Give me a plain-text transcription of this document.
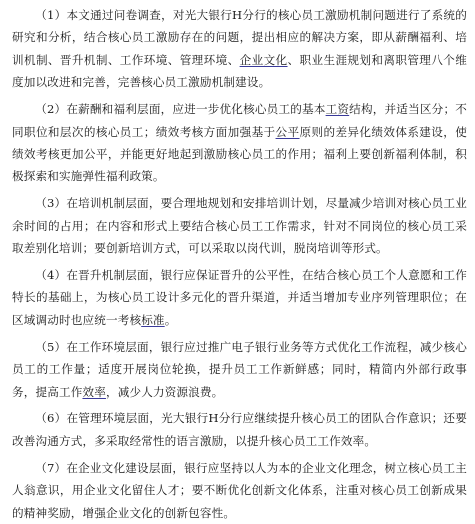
（1）本文通过问卷调查，对光大银行H分行的核心员工激励机制问题进行了系统的研究和分析，结合核心员工激励存在的问题，提出相应的解决方案，即从薪酬福利、培训机制、晋升机制、工作环境、管理环境、企业文化、职业生涯规划和离职管理八个维度加以改进和完善，完善核心员工激励机制建设。

（2）在薪酬和福利层面，应进一步优化核心员工的基本工资结构，并适当区分；不同职位和层次的核心员工；绩效考核方面加强基于公平原则的差异化绩效体系建设，使绩效考核更加公平，并能更好地起到激励核心员工的作用；福利上要创新福利体制，积极探索和实施弹性福利政策。

（3）在培训机制层面，要合理地规划和安排培训计划，尽量减少培训对核心员工业余时间的占用；在内容和形式上要结合核心员工工作需求，针对不同岗位的核心员工采取差别化培训；要创新培训方式，可以采取以岗代训，脱岗培训等形式。

（4）在晋升机制层面，银行应保证晋升的公平性，在结合核心员工个人意愿和工作特长的基础上，为核心员工设计多元化的晋升渠道，并适当增加专业序列管理职位；在区域调动时也应统一考核标准。

（5）在工作环境层面，银行应过推广电子银行业务等方式优化工作流程，减少核心员工的工作量；适度开展岗位轮换，提升员工工作新鲜感；同时，精简内外部行政事务，提高工作效率，减少人力资源浪费。

（6）在管理环境层面，光大银行H分行应继续提升核心员工的团队合作意识；还要改善沟通方式，多采取经常性的语言激励，以提升核心员工工作效率。

（7）在企业文化建设层面，银行应坚持以人为本的企业文化理念，树立核心员工主人翁意识，用企业文化留住人才；要不断优化创新文化体系，注重对核心员工创新成果的精神奖励，增强企业文化的创新包容性。
